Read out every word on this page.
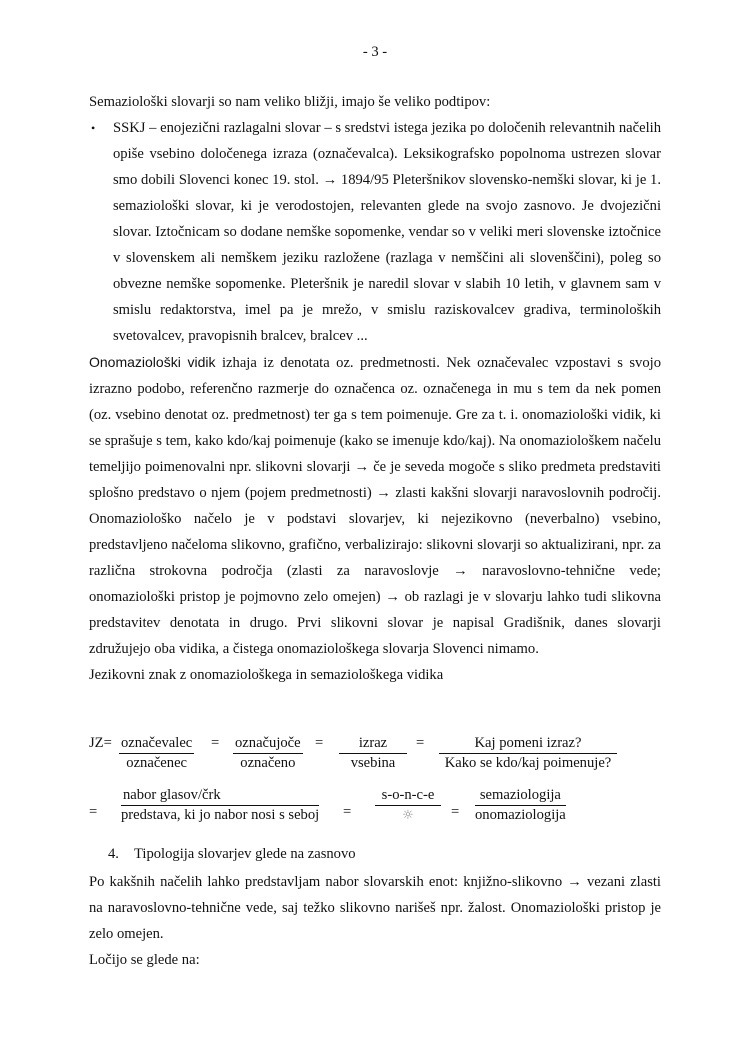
- 3 -

Semaziološki slovarji so nam veliko bližji, imajo še veliko podtipov:

• SSKJ – enojezični razlagalni slovar – s sredstvi istega jezika po določenih relevantnih načelih opiše vsebino določenega izraza (označevalca). Leksikografsko popolnoma ustrezen slovar smo dobili Slovenci konec 19. stol. → 1894/95 Pleteršnikov slovensko-nemški slovar, ki je 1. semaziološki slovar, ki je verodostojen, relevanten glede na svojo zasnovo. Je dvojezični slovar. Iztočnicam so dodane nemške sopomenke, vendar so v veliki meri slovenske iztočnice v slovenskem ali nemškem jeziku razložene (razlaga v nemščini ali slovenščini), poleg so obvezne nemške sopomenke. Pleteršnik je naredil slovar v slabih 10 letih, v glavnem sam v smislu redaktorstva, imel pa je mrežo, v smislu raziskovalcev gradiva, terminoloških svetovalcev, pravopisnih bralcev, bralcev ...

Onomaziološki vidik izhaja iz denotata oz. predmetnosti. Nek označevalec vzpostavi s svojo izrazno podobo, referenčno razmerje do označenca oz. označenega in mu s tem da nek pomen (oz. vsebino denotat oz. predmetnost) ter ga s tem poimenuje. Gre za t. i. onomaziološki vidik, ki se sprašuje s tem, kako kdo/kaj poimenuje (kako se imenuje kdo/kaj). Na onomaziološkem načelu temeljijo poimenovalni npr. slikovni slovarji → če je seveda mogoče s sliko predmeta predstaviti splošno predstavo o njem (pojem predmetnosti) → zlasti kakšni slovarji naravoslovnih področij. Onomaziološko načelo je v podstavi slovarjev, ki nejezikovno (neverbalno) vsebino, predstavljeno načeloma slikovno, grafično, verbalizirajo: slikovni slovarji so aktualizirani, npr. za različna strokovna področja (zlasti za naravoslovje → naravoslovno-tehnične vede; onomaziološki pristop je pojmovno zelo omejen) → ob razlagi je v slovarju lahko tudi slikovna predstavitev denotata in drugo. Prvi slikovni slovar je napisal Gradišnik, danes slovarji združujejo oba vidika, a čistega onomaziološkega slovarja Slovenci nimamo.

Jezikovni znak z onomaziološkega in semaziološkega vidika

JZ= označevalec
označenec
= označujoče
označeno
=	izraz
vsebina
=	Kaj pomeni izraz?
Kako se kdo/kaj poimenuje?
=
nabor glasov/črk
predstava, ki jo nabor nosi s seboj =
s-o-n-c-e
☼	=
semaziologija
onomaziologija
4. Tipologija slovarjev glede na zasnovo

Po kakšnih načelih lahko predstavljam nabor slovarskih enot: knjižno-slikovno → vezani zlasti na naravoslovno-tehnične vede, saj težko slikovno narišeš npr. žalost. Onomaziološki pristop je zelo omejen.

Ločijo se glede na:
